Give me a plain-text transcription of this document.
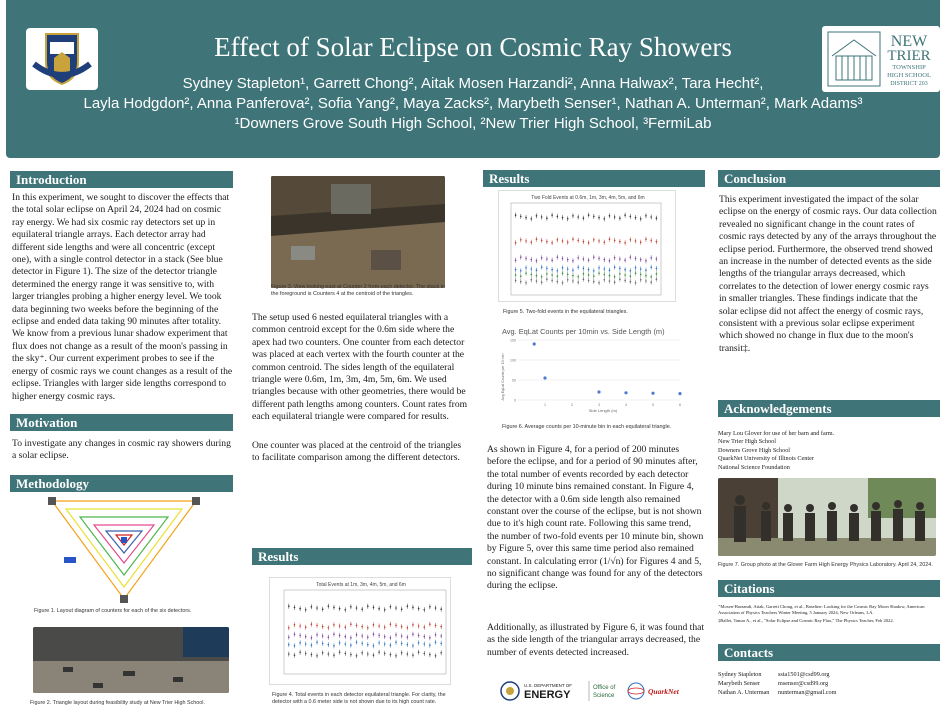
Effect of Solar Eclipse on Cosmic Ray Showers
Sydney Stapleton¹, Garrett Chong², Aitak Mosen Harzandi², Anna Halwax², Tara Hecht²,
Layla Hodgdon², Anna Panferova², Sofia Yang², Maya Zacks², Marybeth Senser¹, Nathan A. Unterman², Mark Adams³
¹Downers Grove South High School, ²New Trier High School, ³FermiLab
NEW
TRIER
TOWNSHIP
HIGH SCHOOL
DISTRICT 203
Introduction
In this experiment, we sought to discover the effects that the total solar eclipse on April 24, 2024 had on cosmic ray energy. We had six cosmic ray detectors set up in equilateral triangle arrays. Each detector array had different side lengths and were all concentric (except one), with a single control detector in a stack (See blue detector in Figure 1). The size of the detector triangle determined the energy range it was sensitive to, with larger triangles probing a higher energy level. We took data beginning two weeks before the beginning of the eclipse and ended data taking 90 minutes after totality. We know from a previous lunar shadow experiment that flux does not change as a result of the moon's passing in the sky⁺. Our current experiment probes to see if the energy of cosmic rays we count changes as a result of the eclipse. Triangles with larger side lengths correspond to higher energy cosmic rays.
Motivation
To investigate any changes in cosmic ray showers during a solar eclipse.
Methodology
Figure 1. Layout diagram of counters for each of the six detectors.
Figure 2. Triangle layout during feasibility study at New Trier High School.
Figure 3. View looking east at Counter 2 from each detector. The stack in the foreground is Counters 4 at the centroid of the triangles.
The setup used 6 nested equilateral triangles with a common centroid except for the 0.6m side where the apex had two counters. One counter from each detector was placed at each vertex with the fourth counter at the common centroid. The sides length of the equilateral triangle were 0.6m, 1m, 3m, 4m, 5m, 6m. We used triangles because with other geometries, there would be different path lengths among counters. Count rates from each equilateral triangle were compared for results.
One counter was placed at the centroid of the triangles to facilitate comparison among the different detectors.
Results
Total Events at 1m, 3m, 4m, 5m, and 6m
Figure 4. Total events in each detector equilateral triangle. For clarity, the detector with a 0.6 meter side is not shown due to its high count rate.
Results
Two Fold Events at 0.6m, 1m, 3m, 4m, 5m, and 6m
Figure 5. Two-fold events in the equilateral triangles.
Avg. EqLat Counts per 10min vs. Side Length (m)
Avg EqLat Counts per 10 min
Side Length (m)
0
50
100
150
1	2	3	4	5	6
Figure 6. Average counts per 10-minute bin in each equilateral triangle.
As shown in Figure 4, for a period of 200 minutes before the eclipse, and for a period of 90 minutes after, the total number of events recorded by each detector during 10 minute bins remained constant. In Figure 4, the detector with a 0.6m side length also remained constant over the course of the eclipse, but is not shown due to it's high count rate. Following this same trend, the number of two-fold events per 10 minute bin, shown by Figure 5, over this same time period also remained constant. In calculating error (1/√n) for Figures 4 and 5, no significant change was found for any of the detectors during the eclipse.
Additionally, as illustrated by Figure 6, it was found that as the side length of the triangular arrays decreased, the number of events detected increased.
U.S. DEPARTMENT OF
ENERGY
Office of
Science	QuarkNet
Conclusion
This experiment investigated the impact of the solar eclipse on the energy of cosmic rays. Our data collection revealed no significant change in the count rates of cosmic rays detected by any of the arrays throughout the eclipse period. Furthermore, the observed trend showed an increase in the number of detected events as the side lengths of the triangular arrays decreased, which correlates to the detection of lower energy cosmic rays in smaller triangles. These findings indicate that the solar eclipse did not affect the energy of cosmic rays, consistent with a previous solar eclipse experiment which showed no change in flux due to the moon's transit‡.
Acknowledgements
Mary Lou Glover for use of her barn and farm.
New Trier High School
Downers Grove High School
QuarkNet University of Illinois Center
National Science Foundation
Figure 7. Group photo at the Glover Farm High Energy Physics Laboratory. April 24, 2024.
Citations
⁺Mosen-Harzandi, Aitak, Garrett Chong, et al., Baseline: Looking for the Cosmic Ray Moon Shadow, American Association of Physics Teachers Winter Meeting, 5 January 2024, New Orleans, LA.
‡Ballet, Tamar A., et al., "Solar Eclipse and Cosmic Ray Flux," The Physics Teacher, Feb 2022.
Contacts
Sydney Stapleton	ssta1501@csd99.org
Marybeth Senser	msenser@csd99.org
Nathan A. Unterman	nunterman@gmail.com
